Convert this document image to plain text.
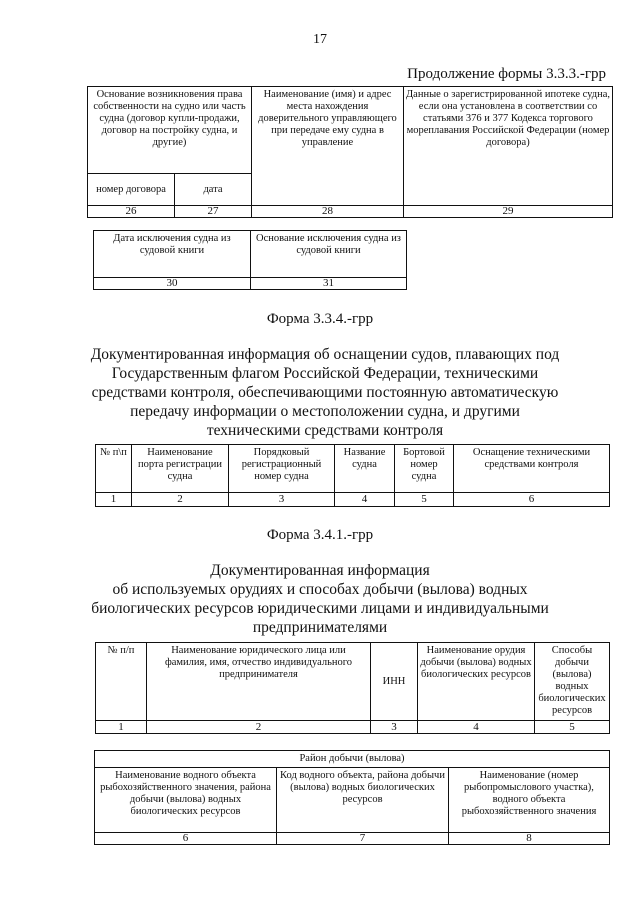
17
Продолжение формы 3.3.3.-грр
Основание возникновения права собственности на судно или часть судна (договор купли-продажи, договор на постройку судна, и другие)		Наименование (имя) и адрес места нахождения доверительного управляющего при передаче ему судна в управление	Данные о зарегистрированной ипотеке судна, если она установлена в соответствии со статьями 376 и 377 Кодекса торгового мореплавания Российской Федерации (номер договора)
номер договора	дата		
26	27	28	29
Дата исключения судна из судовой книги	Основание исключения судна из судовой книги
30	31
Форма 3.3.4.-грр
Документированная информация об оснащении судов, плавающих под Государственным флагом Российской Федерации, техническими средствами контроля, обеспечивающими постоянную автоматическую передачу информации о местоположении судна, и другими техническими средствами контроля
№ п\п	Наименование порта регистрации судна	Порядковый регистрационный номер судна	Название судна	Бортовой номер судна	Оснащение техническими средствами контроля
1	2	3	4	5	6
Форма 3.4.1.-грр
Документированная информация
об используемых орудиях и способах добычи (вылова) водных
биологических ресурсов юридическими лицами и индивидуальными
предпринимателями
№ п/п	Наименование юридического лица или фамилия, имя, отчество индивидуального предпринимателя	ИНН	Наименование орудия добычи (вылова) водных биологических ресурсов	Способы добычи (вылова) водных биологических ресурсов
1	2	3	4	5
Район добычи (вылова)		
Наименование водного объекта рыбохозяйственного значения, района добычи (вылова) водных биологических ресурсов	Код водного объекта, района добычи (вылова) водных биологических ресурсов	Наименование (номер рыбопромыслового участка), водного объекта рыбохозяйственного значения
6	7	8
